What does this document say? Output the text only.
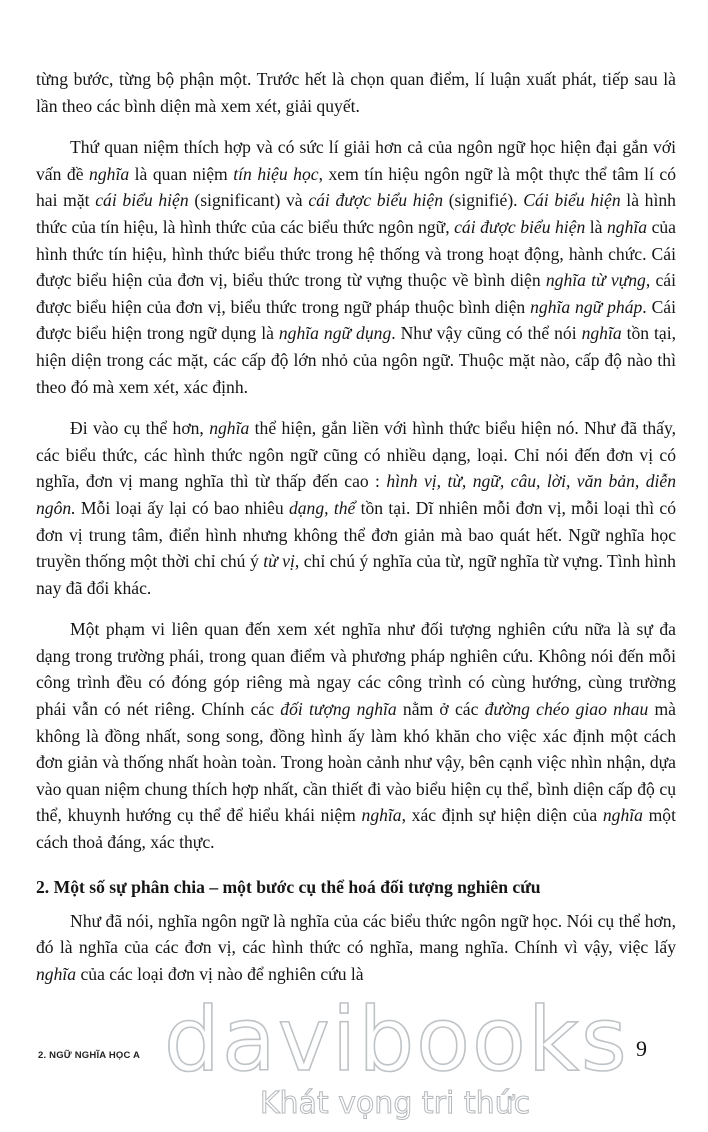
từng bước, từng bộ phận một. Trước hết là chọn quan điểm, lí luận xuất phát, tiếp sau là lần theo các bình diện mà xem xét, giải quyết.

Thứ quan niệm thích hợp và có sức lí giải hơn cả của ngôn ngữ học hiện đại gắn với vấn đề nghĩa là quan niệm tín hiệu học, xem tín hiệu ngôn ngữ là một thực thể tâm lí có hai mặt cái biểu hiện (significant) và cái được biểu hiện (signifié). Cái biểu hiện là hình thức của tín hiệu, là hình thức của các biểu thức ngôn ngữ, cái được biểu hiện là nghĩa của hình thức tín hiệu, hình thức biểu thức trong hệ thống và trong hoạt động, hành chức. Cái được biểu hiện của đơn vị, biểu thức trong từ vựng thuộc về bình diện nghĩa từ vựng, cái được biểu hiện của đơn vị, biểu thức trong ngữ pháp thuộc bình diện nghĩa ngữ pháp. Cái được biểu hiện trong ngữ dụng là nghĩa ngữ dụng. Như vậy cũng có thể nói nghĩa tồn tại, hiện diện trong các mặt, các cấp độ lớn nhỏ của ngôn ngữ. Thuộc mặt nào, cấp độ nào thì theo đó mà xem xét, xác định.

Đi vào cụ thể hơn, nghĩa thể hiện, gắn liền với hình thức biểu hiện nó. Như đã thấy, các biểu thức, các hình thức ngôn ngữ cũng có nhiều dạng, loại. Chỉ nói đến đơn vị có nghĩa, đơn vị mang nghĩa thì từ thấp đến cao : hình vị, từ, ngữ, câu, lời, văn bản, diễn ngôn. Mỗi loại ấy lại có bao nhiêu dạng, thể tồn tại. Dĩ nhiên mỗi đơn vị, mỗi loại thì có đơn vị trung tâm, điển hình nhưng không thể đơn giản mà bao quát hết. Ngữ nghĩa học truyền thống một thời chỉ chú ý từ vị, chỉ chú ý nghĩa của từ, ngữ nghĩa từ vựng. Tình hình nay đã đổi khác.

Một phạm vi liên quan đến xem xét nghĩa như đối tượng nghiên cứu nữa là sự đa dạng trong trường phái, trong quan điểm và phương pháp nghiên cứu. Không nói đến mỗi công trình đều có đóng góp riêng mà ngay các công trình có cùng hướng, cùng trường phái vẫn có nét riêng. Chính các đối tượng nghĩa nằm ở các đường chéo giao nhau mà không là đồng nhất, song song, đồng hình ấy làm khó khăn cho việc xác định một cách đơn giản và thống nhất hoàn toàn. Trong hoàn cảnh như vậy, bên cạnh việc nhìn nhận, dựa vào quan niệm chung thích hợp nhất, cần thiết đi vào biểu hiện cụ thể, bình diện cấp độ cụ thể, khuynh hướng cụ thể để hiểu khái niệm nghĩa, xác định sự hiện diện của nghĩa một cách thoả đáng, xác thực.

2. Một số sự phân chia – một bước cụ thể hoá đối tượng nghiên cứu

Như đã nói, nghĩa ngôn ngữ là nghĩa của các biểu thức ngôn ngữ học. Nói cụ thể hơn, đó là nghĩa của các đơn vị, các hình thức có nghĩa, mang nghĩa. Chính vì vậy, việc lấy nghĩa của các loại đơn vị nào để nghiên cứu là

davibooks
Khát vọng tri thức
2. NGỮ NGHĨA HỌC A	9
